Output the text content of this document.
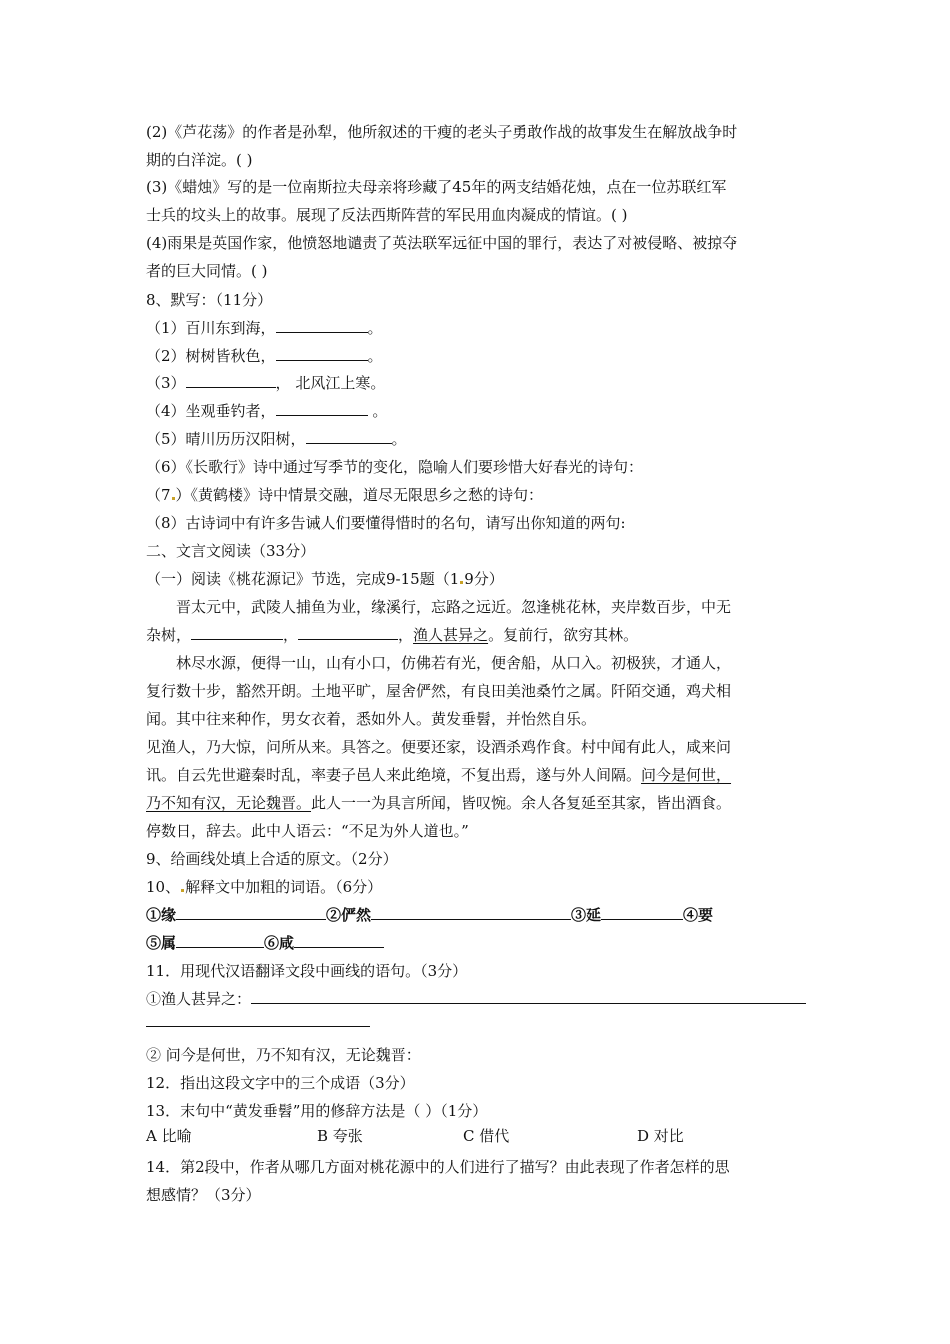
(2)《芦花荡》的作者是孙犁，他所叙述的干瘦的老头子勇敢作战的故事发生在解放战争时
期的白洋淀。( )
(3)《蜡烛》写的是一位南斯拉夫母亲将珍藏了45年的两支结婚花烛，点在一位苏联红军
士兵的坟头上的故事。展现了反法西斯阵营的军民用血肉凝成的情谊。( )
(4)雨果是英国作家，他愤怒地谴责了英法联军远征中国的罪行，表达了对被侵略、被掠夺
者的巨大同情。( )
8、默写：（11分）
（1）百川东到海，	。
（2）树树皆秋色，	。
（3）	， 北风江上寒。
（4）坐观垂钓者，	。
（5）晴川历历汉阳树，	。
（6）《长歌行》诗中通过写季节的变化，隐喻人们要珍惜大好春光的诗句：
（7 ）《黄鹤楼》诗中情景交融，道尽无限思乡之愁的诗句：
（8）古诗词中有许多告诫人们要懂得惜时的名句，请写出你知道的两句:
二、文言文阅读（33分）
（一）阅读《桃花源记》节选，完成9-15题（1 9分）
晋太元中，武陵人捕鱼为业，缘溪行，忘路之远近。忽逢桃花林，夹岸数百步，中无
杂树，	，	，渔人甚异之。复前行，欲穷其林。
林尽水源，便得一山，山有小口，仿佛若有光，便舍船，从口入。初极狭，才通人，
复行数十步，豁然开朗。土地平旷，屋舍俨然，有良田美池桑竹之属。阡陌交通，鸡犬相
闻。其中往来种作，男女衣着，悉如外人。黄发垂髫，并怡然自乐。
见渔人，乃大惊，问所从来。具答之。便要还家，设酒杀鸡作食。村中闻有此人，咸来问
讯。自云先世避秦时乱，率妻子邑人来此绝境，不复出焉，遂与外人间隔。问今是何世，
乃不知有汉，无论魏晋。此人一一为具言所闻，皆叹惋。余人各复延至其家，皆出酒食。
停数日，辞去。此中人语云：“不足为外人道也。”
9、给画线处填上合适的原文。（2分）
10、 解释文中加粗的词语。（6分）
①缘	②俨然	③延	④要
⑤属	⑥咸
11．用现代汉语翻译文段中画线的语句。（3分）
①渔人甚异之：
② 问今是何世，乃不知有汉，无论魏晋：
12．指出这段文字中的三个成语（3分）
13．末句中“黄发垂髫”用的修辞方法是（ ）（1分）
A 比喻	B 夸张	C 借代	D 对比
14．第2段中，作者从哪几方面对桃花源中的人们进行了描写？由此表现了作者怎样的思
想感情？（3分）
